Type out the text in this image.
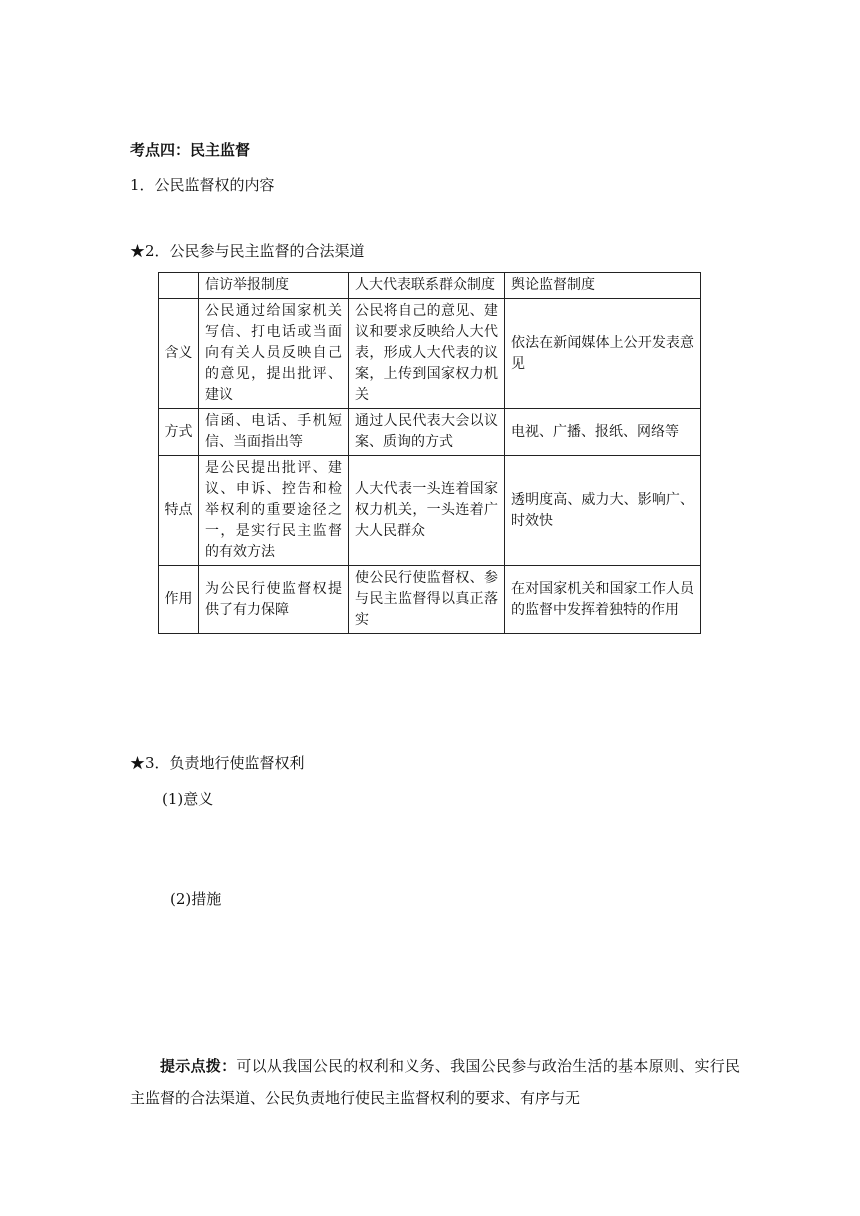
考点四：民主监督
1．公民监督权的内容
★2．公民参与民主监督的合法渠道
	信访举报制度	人大代表联系群众制度	舆论监督制度
含义	公民通过给国家机关写信、打电话或当面向有关人员反映自己的意见，提出批评、建议	公民将自己的意见、建议和要求反映给人大代表，形成人大代表的议案，上传到国家权力机关	依法在新闻媒体上公开发表意见
方式	信函、电话、手机短信、当面指出等	通过人民代表大会以议案、质询的方式	电视、广播、报纸、网络等
特点	是公民提出批评、建议、申诉、控告和检举权利的重要途径之一，是实行民主监督的有效方法	人大代表一头连着国家权力机关，一头连着广大人民群众	透明度高、威力大、影响广、时效快
作用	为公民行使监督权提供了有力保障	使公民行使监督权、参与民主监督得以真正落实	在对国家机关和国家工作人员的监督中发挥着独特的作用
★3．负责地行使监督权利
(1)意义
(2)措施
提示点拨：可以从我国公民的权利和义务、我国公民参与政治生活的基本原则、实行民主监督的合法渠道、公民负责地行使民主监督权利的要求、有序与无
